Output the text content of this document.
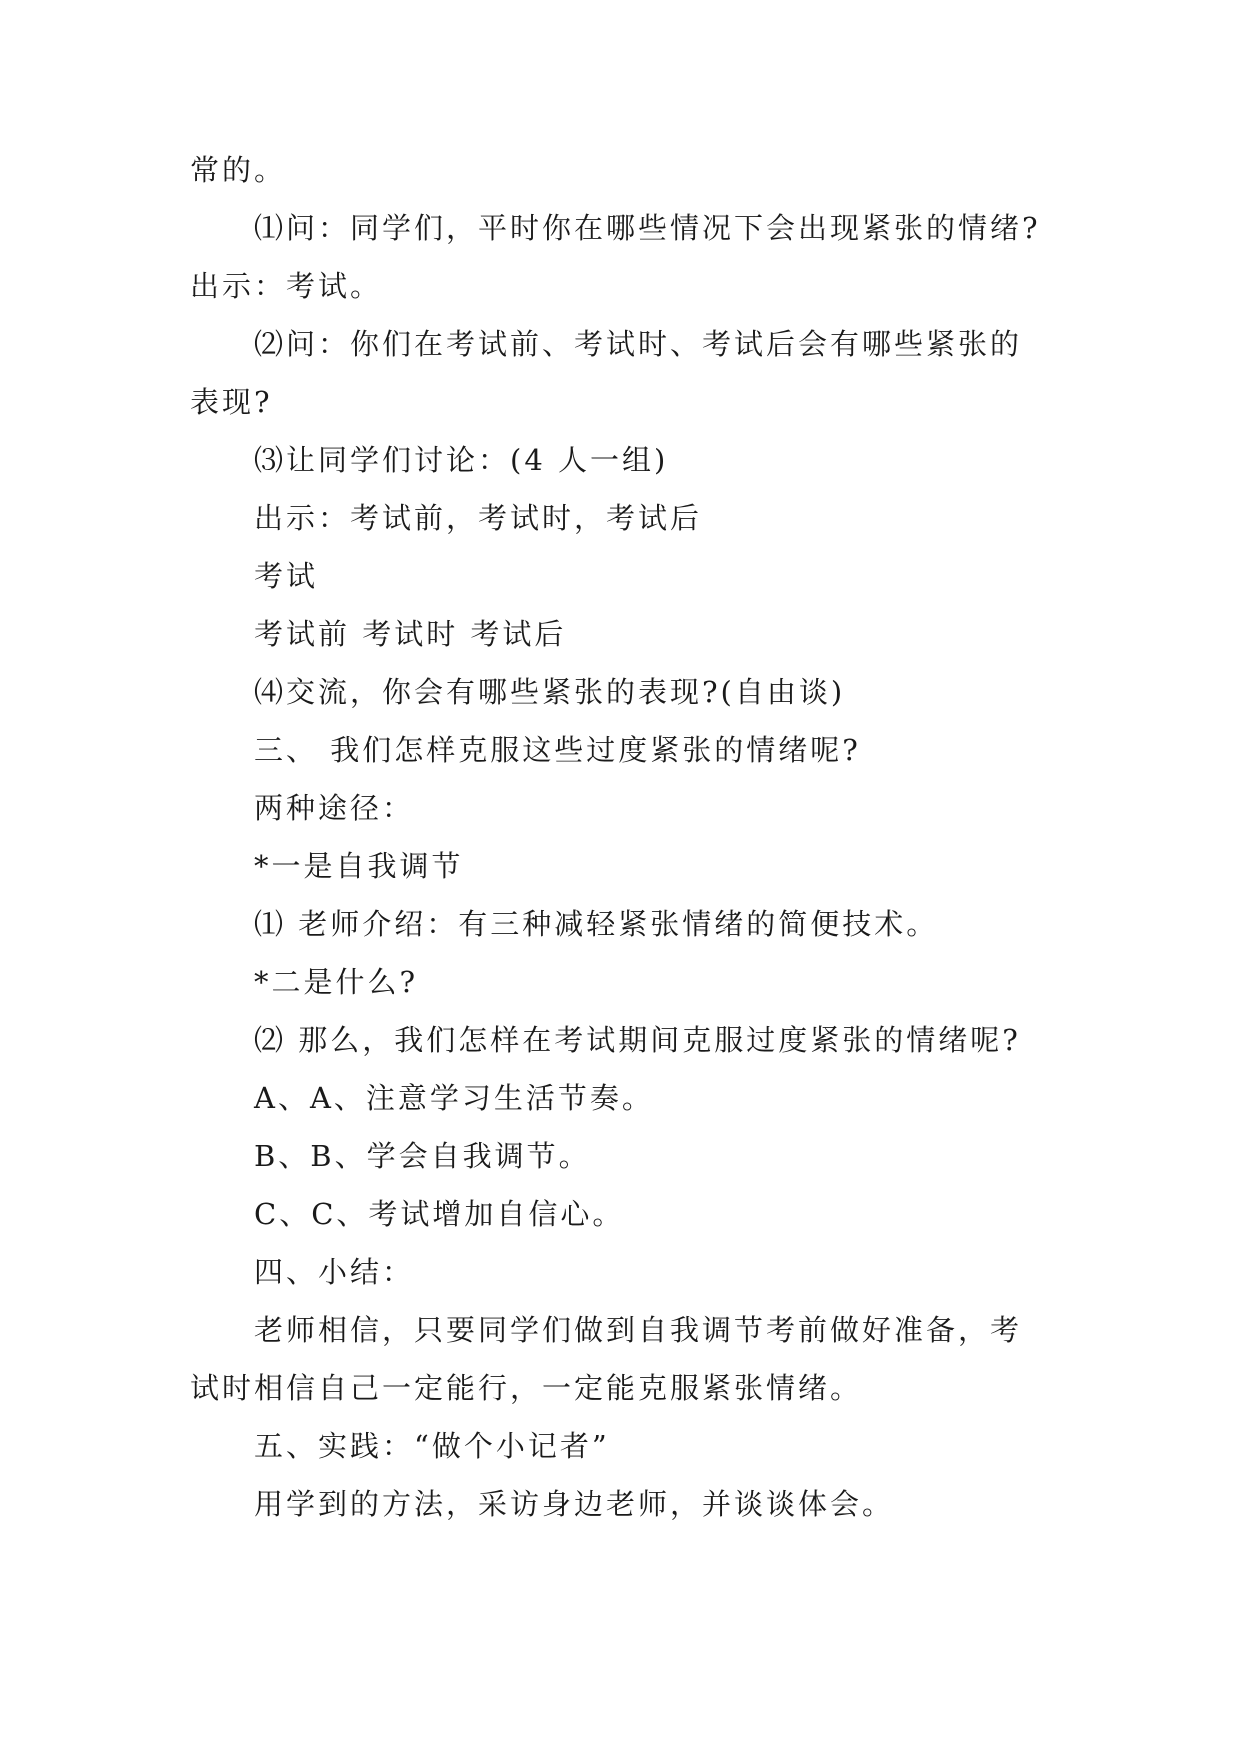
常的。
⑴问：同学们，平时你在哪些情况下会出现紧张的情绪?
出示：考试。
⑵问：你们在考试前、考试时、考试后会有哪些紧张的
表现?
⑶让同学们讨论：(4 人一组)
出示：考试前，考试时，考试后
考试
考试前 考试时 考试后
⑷交流，你会有哪些紧张的表现?(自由谈)
三、 我们怎样克服这些过度紧张的情绪呢?
两种途径：
*一是自我调节
⑴ 老师介绍：有三种减轻紧张情绪的简便技术。
*二是什么?
⑵ 那么，我们怎样在考试期间克服过度紧张的情绪呢?
A、A、注意学习生活节奏。
B、B、学会自我调节。
C、C、考试增加自信心。
四、小结：
老师相信，只要同学们做到自我调节考前做好准备，考
试时相信自己一定能行，一定能克服紧张情绪。
五、实践：“做个小记者”
用学到的方法，采访身边老师，并谈谈体会。
